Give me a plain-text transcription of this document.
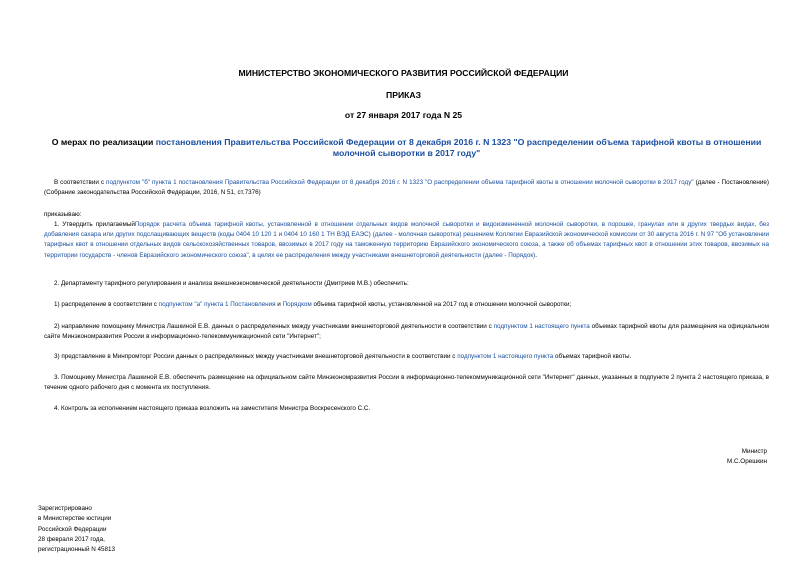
МИНИСТЕРСТВО ЭКОНОМИЧЕСКОГО РАЗВИТИЯ РОССИЙСКОЙ ФЕДЕРАЦИИ
ПРИКАЗ
от 27 января 2017 года N 25
О мерах по реализации постановления Правительства Российской Федерации от 8 декабря 2016 г. N 1323 "О распределении объема тарифной квоты в отношении молочной сыворотки в 2017 году"
В соответствии с подпунктом "б" пункта 1 постановления Правительства Российской Федерации от 8 декабря 2016 г. N 1323 "О распределении объема тарифной квоты в отношении молочной сыворотки в 2017 году" (далее - Постановление) (Собрание законодательства Российской Федерации, 2016, N 51, ст.7376)
приказываю:
1. Утвердить прилагаемыйПорядок расчета объема тарифной квоты, установленной в отношении отдельных видов молочной сыворотки и видоизмененной молочной сыворотки, в порошке, гранулах или в других твердых видах, без добавления сахара или других подслащивающих веществ (коды 0404 10 120 1 и 0404 10 160 1 ТН ВЭД ЕАЭС) (далее - молочная сыворотка) решением Коллегии Евразийской экономической комиссии от 30 августа 2016 г. N 97 "Об установлении тарифных квот в отношении отдельных видов сельскохозяйственных товаров, ввозимых в 2017 году на таможенную территорию Евразийского экономического союза, а также об объемах тарифных квот в отношении этих товаров, ввозимых на территории государств - членов Евразийского экономического союза", в целях ее распределения между участниками внешнеторговой деятельности (далее - Порядок).
2. Департаменту тарифного регулирования и анализа внешнеэкономической деятельности (Дмитриев М.В.) обеспечить:
1) распределение в соответствии с подпунктом "а" пункта 1 Постановления и Порядком объема тарифной квоты, установленной на 2017 год в отношении молочной сыворотки;
2) направление помощнику Министра Лашкиной Е.В. данных о распределенных между участниками внешнеторговой деятельности в соответствии с подпунктом 1 настоящего пункта объемах тарифной квоты для размещения на официальном сайте Минэкономразвития России в информационно-телекоммуникационной сети "Интернет";
3) представление в Минпромторг России данных о распределенных между участниками внешнеторговой деятельности в соответствии с подпунктом 1 настоящего пункта объемах тарифной квоты.
3. Помощнику Министра Лашкиной Е.В. обеспечить размещение на официальном сайте Минэкономразвития России в информационно-телекоммуникационной сети "Интернет" данных, указанных в подпункте 2 пункта 2 настоящего приказа, в течение одного рабочего дня с момента их поступления.
4. Контроль за исполнением настоящего приказа возложить на заместителя Министра Воскресенского С.С.
Министр
М.С.Орешкин
Зарегистрировано
в Министерстве юстиции
Российской Федерации
28 февраля 2017 года,
регистрационный N 45813
